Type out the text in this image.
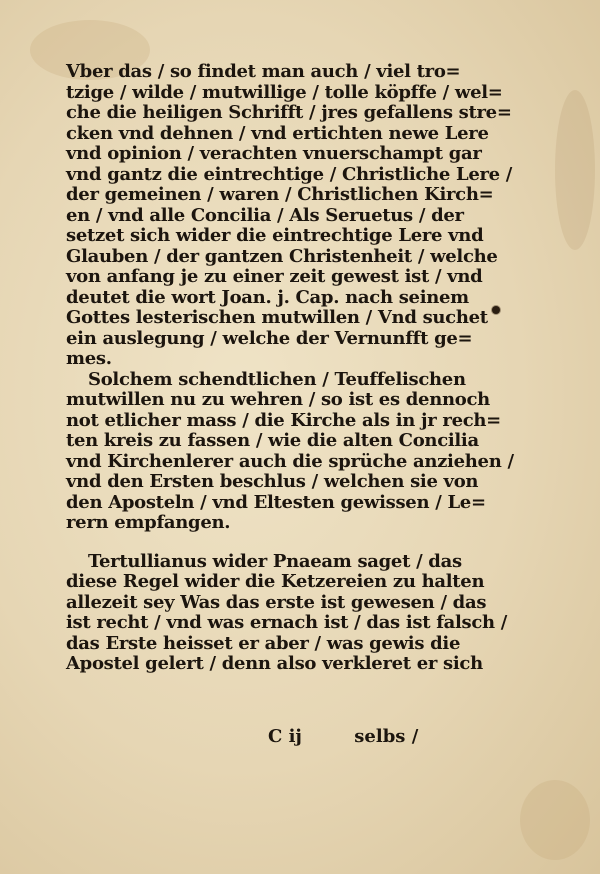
Vber das / so findet man auch / viel tro=
tzige / wilde / mutwillige / tolle köpffe / wel=
che die heiligen Schrifft / jres gefallens stre=
cken vnd dehnen / vnd ertichten newe Lere
vnd opinion / verachten vnuerschampt gar
vnd gantz die eintrechtige / Christliche Lere /
der gemeinen / waren / Christlichen Kirch=
en / vnd alle Concilia / Als Seruetus / der
setzet sich wider die eintrechtige Lere vnd
Glauben / der gantzen Christenheit / welche
von anfang je zu einer zeit gewest ist / vnd
deutet die wort Joan. j. Cap. nach seinem
Gottes lesterischen mutwillen / Vnd suchet
ein auslegung / welche der Vernunfft ge=
mes.
Solchem schendtlichen / Teuffelischen
mutwillen nu zu wehren / so ist es dennoch
not etlicher mass / die Kirche als in jr rech=
ten kreis zu fassen / wie die alten Concilia
vnd Kirchenlerer auch die sprüche anziehen /
vnd den Ersten beschlus / welchen sie von
den Aposteln / vnd Eltesten gewissen / Le=
rern empfangen.
Tertullianus wider Pnaeam saget / das
diese Regel wider die Ketzereien zu halten
allezeit sey Was das erste ist gewesen / das
ist recht / vnd was ernach ist / das ist falsch /
das Erste heisset er aber / was gewis die
Apostel gelert / denn also verkleret er sich
C ij	selbs /
